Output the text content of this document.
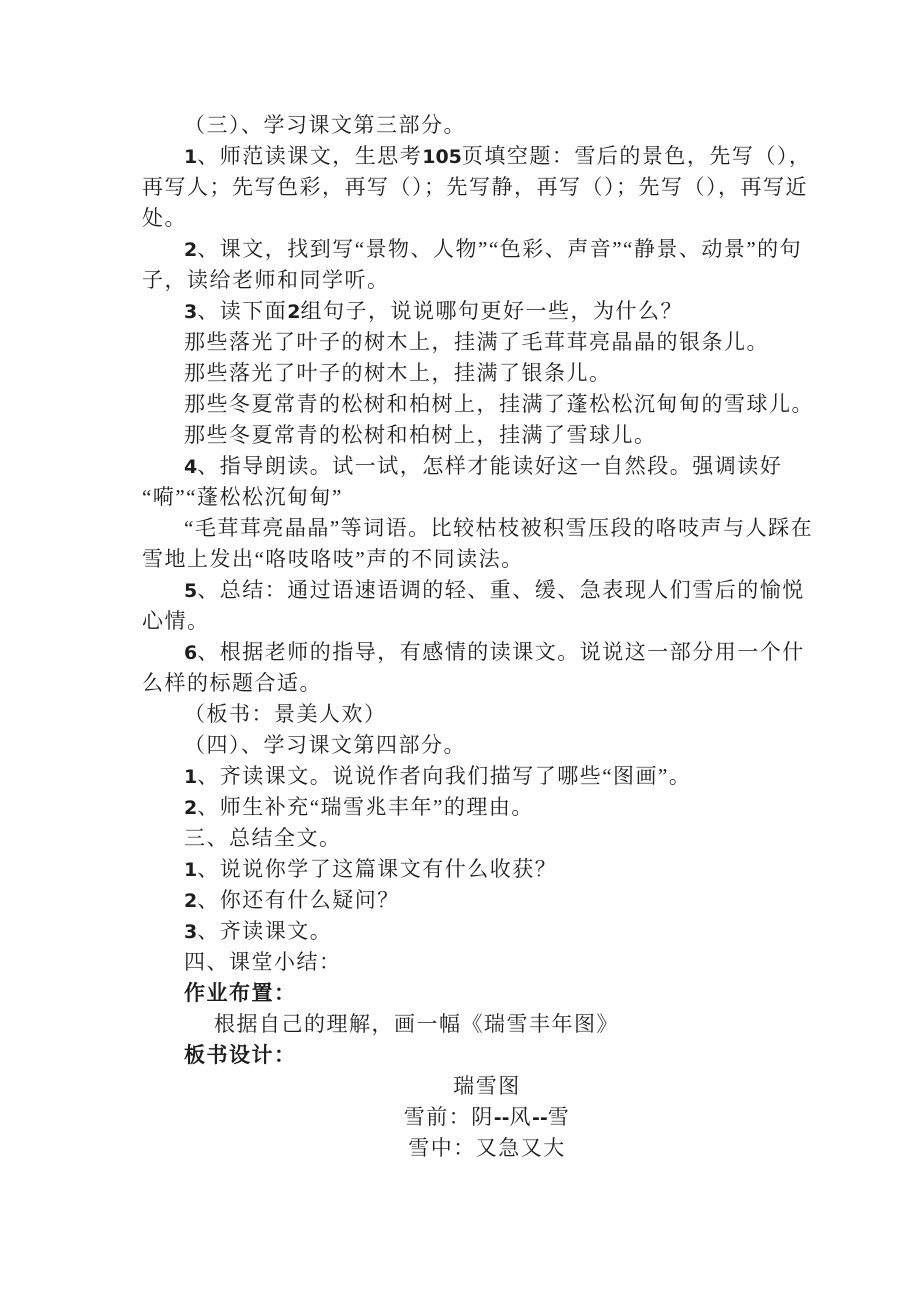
（三）、学习课文第三部分。
1、师范读课文，生思考105页填空题：雪后的景色，先写（），
再写人；先写色彩，再写（）；先写静，再写（）；先写（），再写近
处。
2、课文，找到写“景物、人物”“色彩、声音”“静景、动景”的句
子，读给老师和同学听。
3、读下面2组句子，说说哪句更好一些，为什么？
那些落光了叶子的树木上，挂满了毛茸茸亮晶晶的银条儿。
那些落光了叶子的树木上，挂满了银条儿。
那些冬夏常青的松树和柏树上，挂满了蓬松松沉甸甸的雪球儿。
那些冬夏常青的松树和柏树上，挂满了雪球儿。
4、指导朗读。试一试，怎样才能读好这一自然段。强调读好
“嗬”“蓬松松沉甸甸”
“毛茸茸亮晶晶”等词语。比较枯枝被积雪压段的咯吱声与人踩在
雪地上发出“咯吱咯吱”声的不同读法。
5、总结：通过语速语调的轻、重、缓、急表现人们雪后的愉悦
心情。
6、根据老师的指导，有感情的读课文。说说这一部分用一个什
么样的标题合适。
（板书：景美人欢）
（四）、学习课文第四部分。
1、齐读课文。说说作者向我们描写了哪些“图画”。
2、师生补充“瑞雪兆丰年”的理由。
三、总结全文。
1、说说你学了这篇课文有什么收获？
2、你还有什么疑问？
3、齐读课文。
四、课堂小结：
作业布置：
根据自己的理解，画一幅《瑞雪丰年图》
板书设计：
瑞雪图
雪前：阴--风--雪
雪中：又急又大
